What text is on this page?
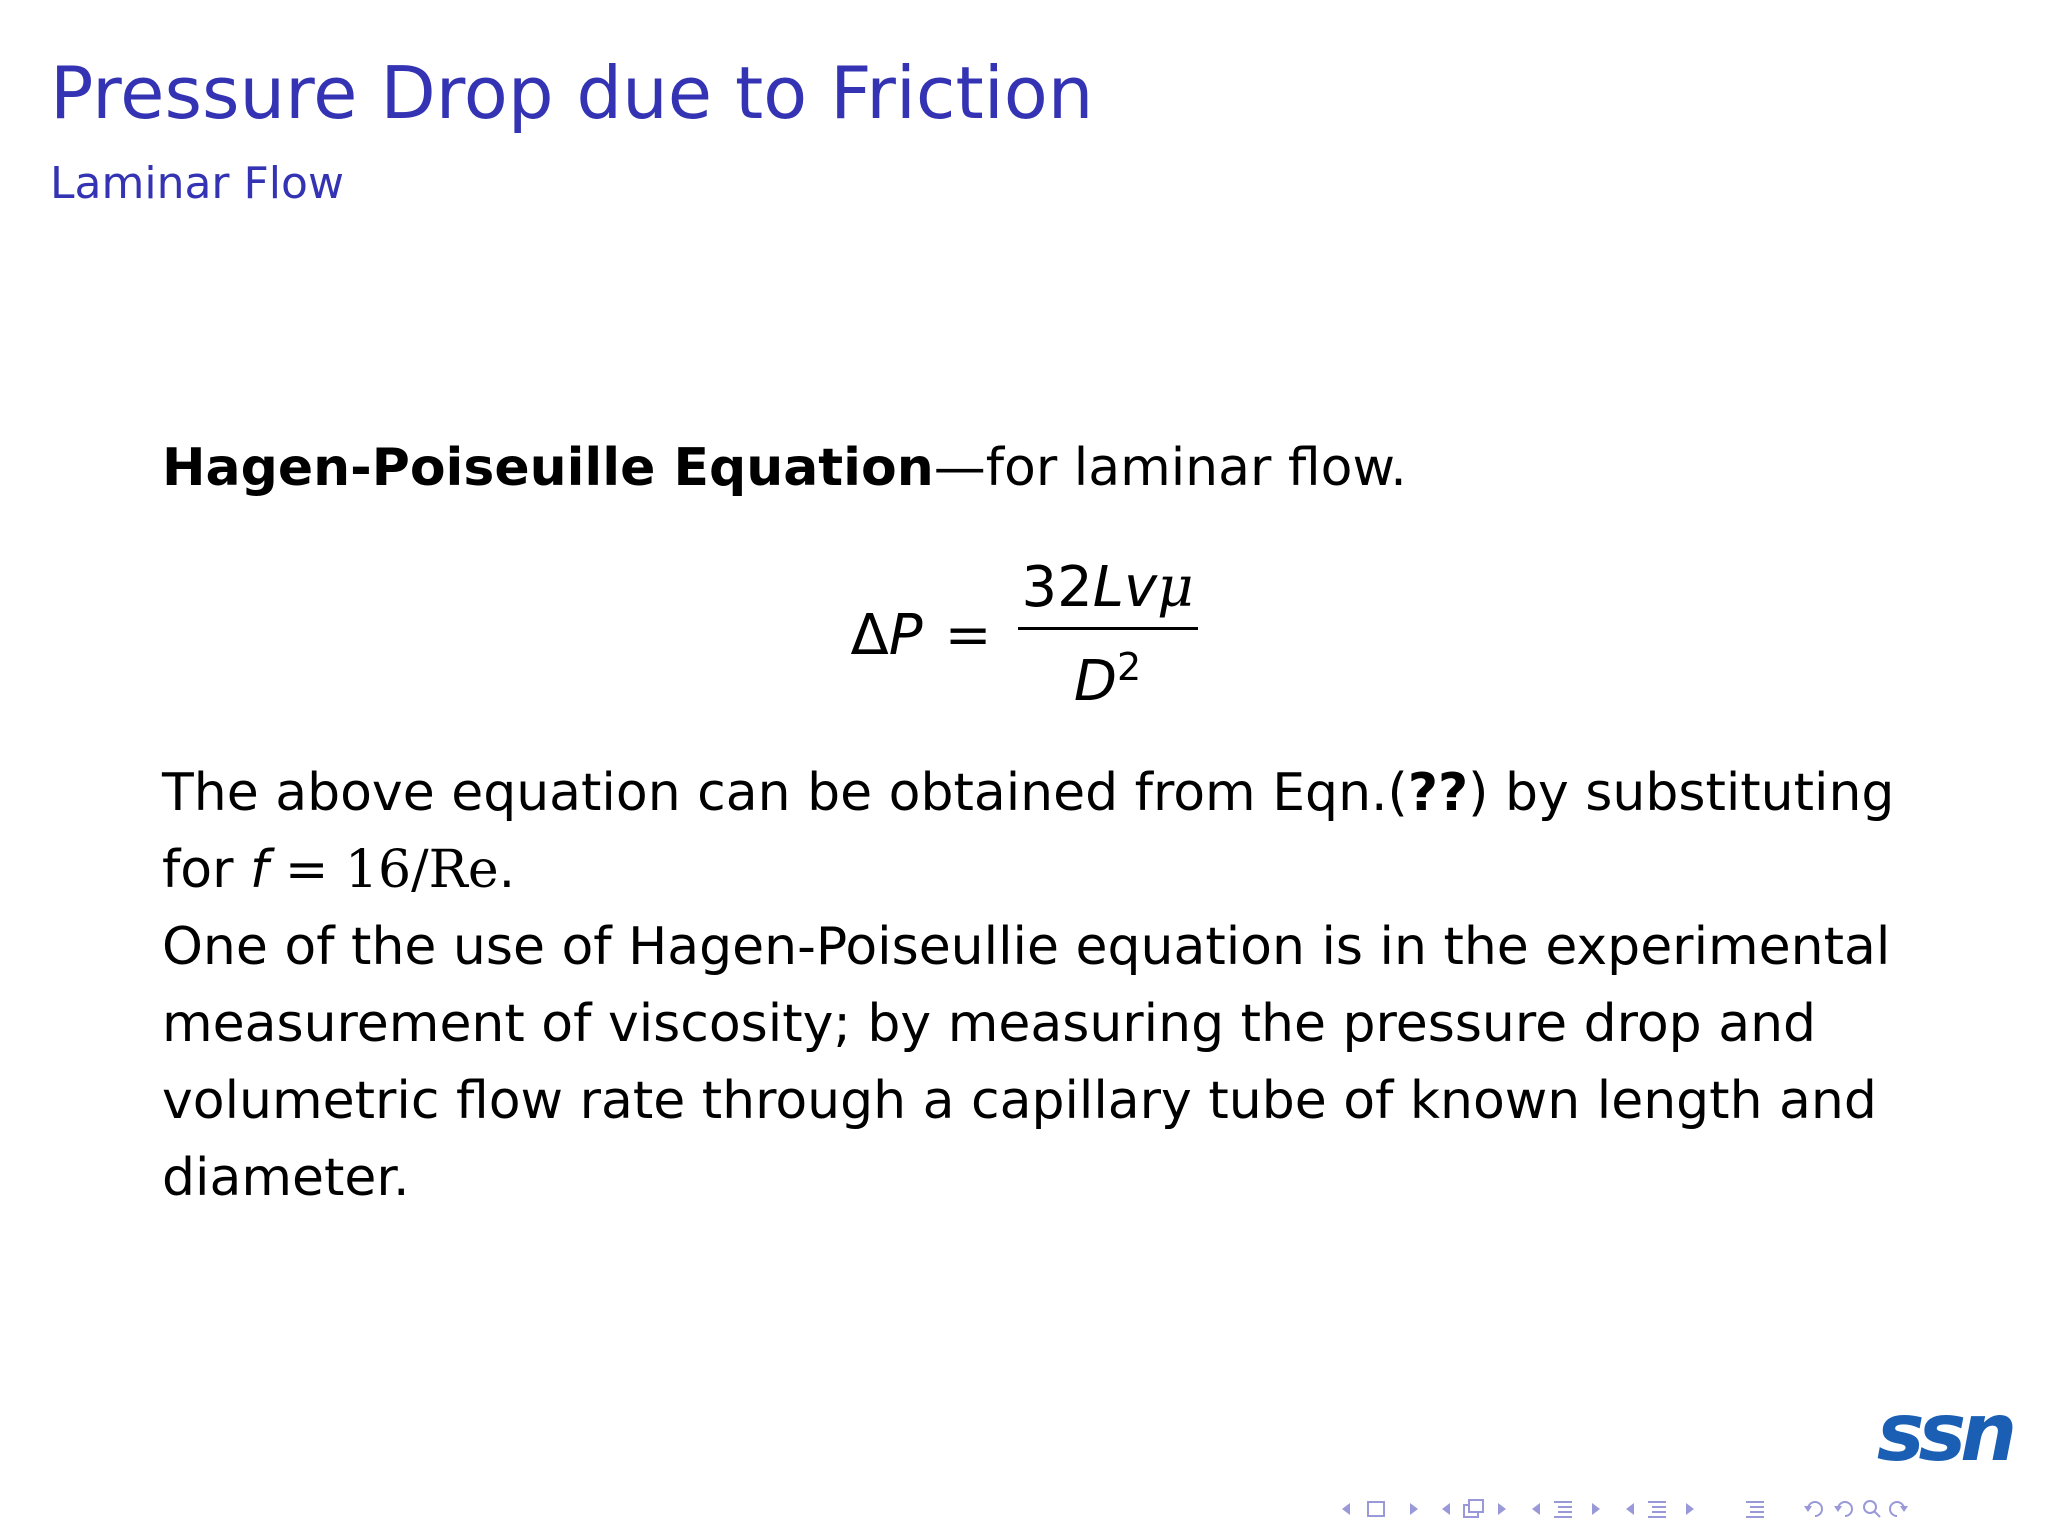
Pressure Drop due to Friction
Laminar Flow
Hagen-Poiseuille Equation—for laminar flow.
$\Delta P = \frac{\text{32Lvμ}}{D^2}$
The above equation can be obtained from Eqn.(??) by substituting
for f = 16/Re.
One of the use of Hagen-Poiseullie equation is in the experimental measurement of viscosity; by measuring the pressure drop and volumetric flow rate through a capillary tube of known length and diameter.
ssn
